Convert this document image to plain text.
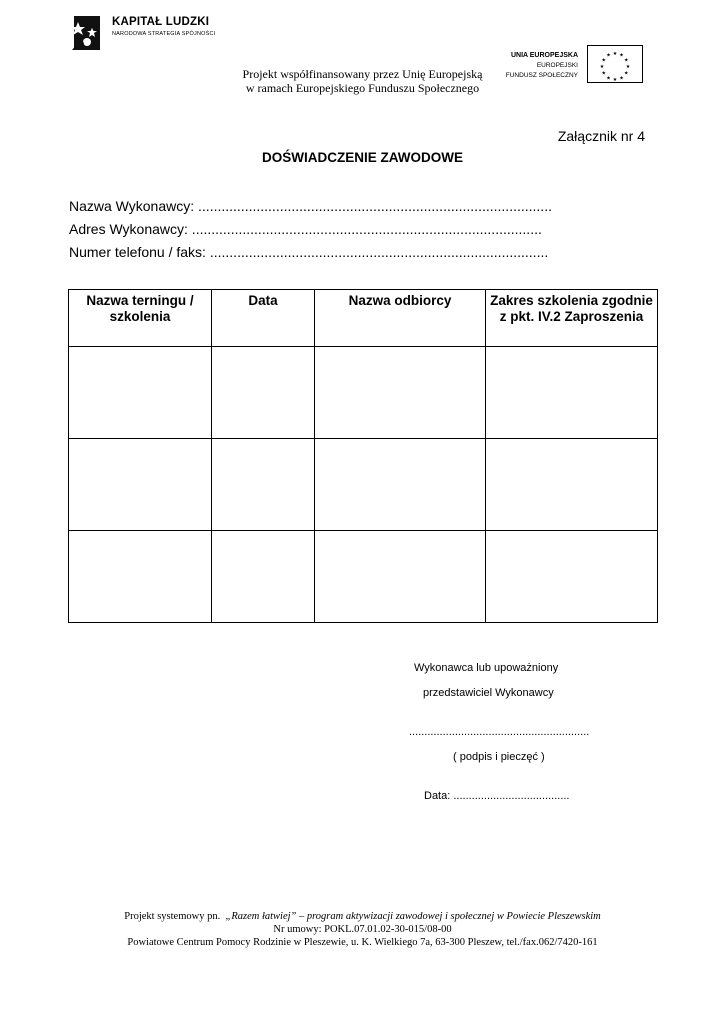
KAPITAŁ LUDZKI
NARODOWA STRATEGIA SPÓJNOŚCI
Projekt współfinansowany przez Unię Europejską
w ramach Europejskiego Funduszu Społecznego
UNIA EUROPEJSKA
EUROPEJSKI
FUNDUSZ SPOŁECZNY
★ ★
★
★
★
★
★
★
★
★
★
★
Załącznik nr 4
DOŚWIADCZENIE ZAWODOWE
Nazwa Wykonawcy: ...........................................................................................
Adres Wykonawcy: ..........................................................................................
Numer telefonu / faks: .......................................................................................
Nazwa terningu / szkolenia	Data	Nazwa odbiorcy	Zakres szkolenia zgodnie z pkt. IV.2 Zaproszenia

Wykonawca lub upoważniony
przedstawiciel Wykonawcy
...........................................................
( podpis i pieczęć )
Data: ......................................
Projekt systemowy pn.  „Razem łatwiej” – program aktywizacji zawodowej i społecznej w Powiecie Pleszewskim
Nr umowy: POKL.07.01.02-30-015/08-00
Powiatowe Centrum Pomocy Rodzinie w Pleszewie, u. K. Wielkiego 7a, 63-300 Pleszew, tel./fax.062/7420-161
